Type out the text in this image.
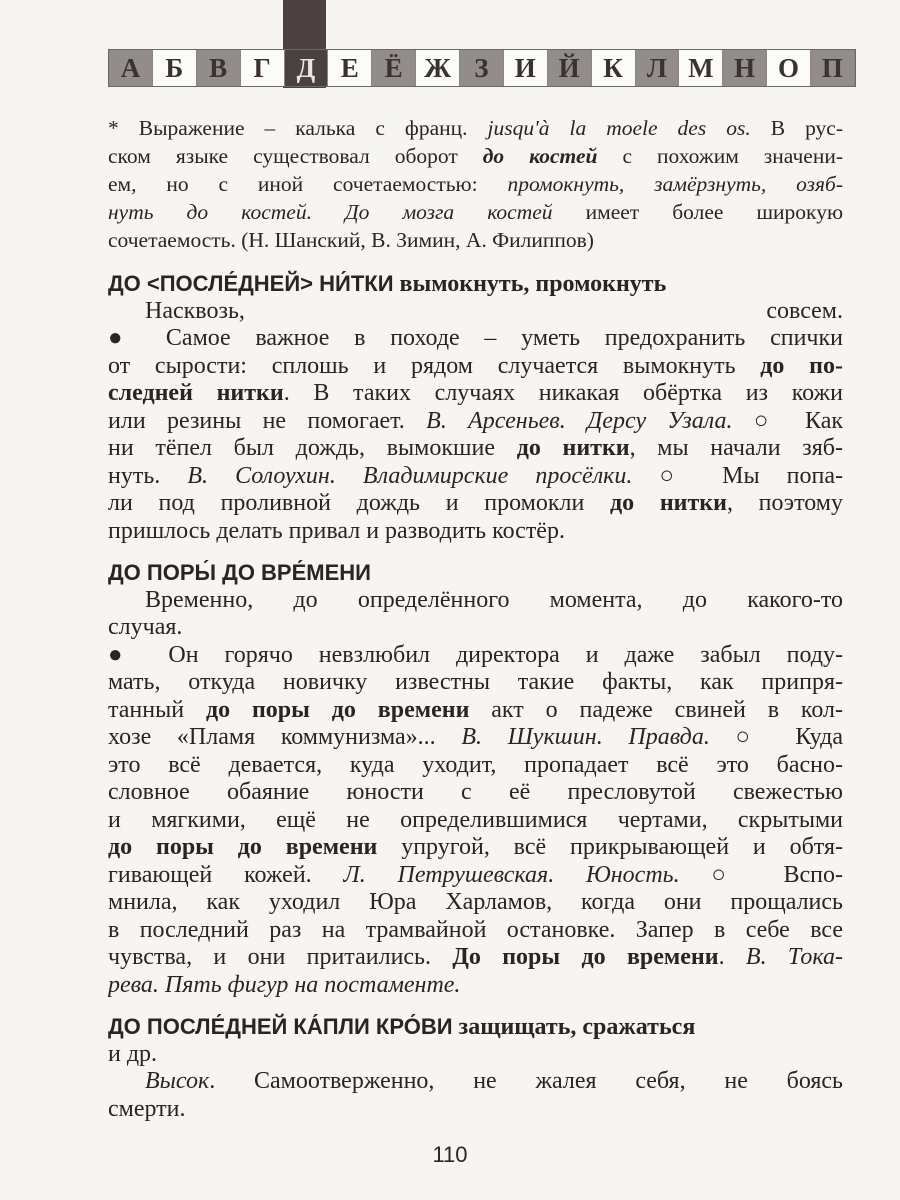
А Б В Г Д Е Ё Ж З И Й К Л М Н О П
* Выражение – калька с франц. jusqu'à la moele des os. В рус-
ском языке существовал оборот до костей с похожим значени-
ем, но с иной сочетаемостью: промокнуть, замёрзнуть, озяб-
нуть до костей. До мозга костей имеет более широкую
сочетаемость. (Н. Шанский, В. Зимин, А. Филиппов)
ДО <ПОСЛЕ́ДНЕЙ> НИ́ТКИ вымокнуть, промокнуть
Насквозь, совсем.
● Самое важное в походе – уметь предохранить спички
от сырости: сплошь и рядом случается вымокнуть до по-
следней нитки. В таких случаях никакая обёртка из кожи
или резины не помогает. В. Арсеньев. Дерсу Узала. ○ Как
ни тёпел был дождь, вымокшие до нитки, мы начали зяб-
нуть. В. Солоухин. Владимирские просёлки. ○ Мы попа-
ли под проливной дождь и промокли до нитки, поэтому
пришлось делать привал и разводить костёр.
ДО ПОРЫ́ ДО ВРЕ́МЕНИ
Временно, до определённого момента, до какого-то
случая.
● Он горячо невзлюбил директора и даже забыл поду-
мать, откуда новичку известны такие факты, как припря-
танный до поры до времени акт о падеже свиней в кол-
хозе «Пламя коммунизма»... В. Шукшин. Правда. ○ Куда
это всё девается, куда уходит, пропадает всё это басно-
словное обаяние юности с её пресловутой свежестью
и мягкими, ещё не определившимися чертами, скрытыми
до поры до времени упругой, всё прикрывающей и обтя-
гивающей кожей. Л. Петрушевская. Юность. ○ Вспо-
мнила, как уходил Юра Харламов, когда они прощались
в последний раз на трамвайной остановке. Запер в себе все
чувства, и они притаились. До поры до времени. В. Тока-
рева. Пять фигур на постаменте.
ДО ПОСЛЕ́ДНЕЙ КА́ПЛИ КРО́ВИ защищать, сражаться
и др.
Высок. Самоотверженно, не жалея себя, не боясь
смерти.
110
